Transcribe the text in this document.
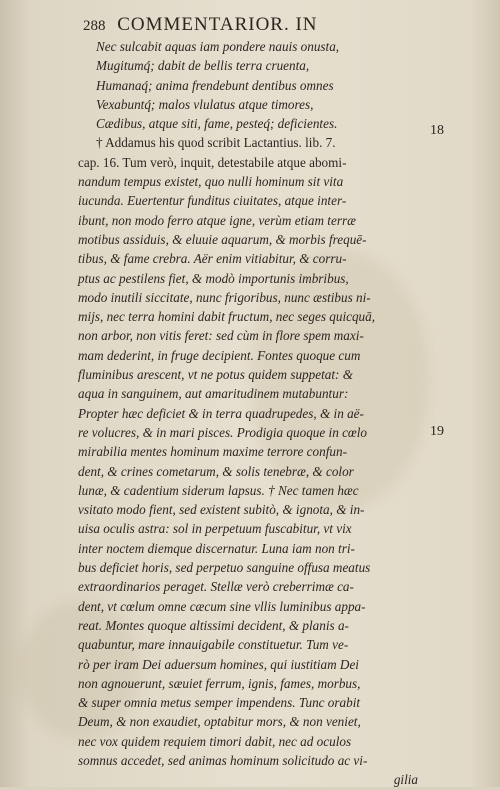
288 COMMENTARIOR. IN
18
19
Nec sulcabit aquas iam pondere nauis onusta,
Mugitumq́; dabit de bellis terra cruenta,
Humanaq́; anima frendebunt dentibus omnes
Vexabuntq́; malos vlulatus atque timores,
Cædibus, atque siti, fame, pesteq́; deficientes.
† Addamus his quod scribit Lactantius. lib. 7.
cap. 16. Tum verò, inquit, detestabile atque abomi-
nandum tempus existet, quo nulli hominum sit vita
iucunda. Euertentur funditus ciuitates, atque inter-
ibunt, non modo ferro atque igne, verùm etiam terræ
motibus assiduis, & eluuie aquarum, & morbis frequē-
tibus, & fame crebra. Aër enim vitiabitur, & corru-
ptus ac pestilens fiet, & modò importunis imbribus,
modo inutili siccitate, nunc frigoribus, nunc æstibus ni-
mijs, nec terra homini dabit fructum, nec seges quicquā,
non arbor, non vitis feret: sed cùm in flore spem maxi-
mam dederint, in fruge decipient. Fontes quoque cum
fluminibus arescent, vt ne potus quidem suppetat: &
aqua in sanguinem, aut amaritudinem mutabuntur:
Propter hæc deficiet & in terra quadrupedes, & in aë-
re volucres, & in mari pisces. Prodigia quoque in cœlo
mirabilia mentes hominum maxime terrore confun-
dent, & crines cometarum, & solis tenebræ, & color
lunæ, & cadentium siderum lapsus. † Nec tamen hæc
vsitato modo fient, sed existent subitò, & ignota, & in-
uisa oculis astra: sol in perpetuum fuscabitur, vt vix
inter noctem diemque discernatur. Luna iam non tri-
bus deficiet horis, sed perpetuo sanguine offusa meatus
extraordinarios peraget. Stellæ verò creberrimæ ca-
dent, vt cœlum omne cæcum sine vllis luminibus appa-
reat. Montes quoque altissimi decident, & planis a-
quabuntur, mare innauigabile constituetur. Tum ve-
rò per iram Dei aduersum homines, qui iustitiam Dei
non agnouerunt, sæuiet ferrum, ignis, fames, morbus,
& super omnia metus semper impendens. Tunc orabit
Deum, & non exaudiet, optabitur mors, & non veniet,
nec vox quidem requiem timori dabit, nec ad oculos
somnus accedet, sed animas hominum solicitudo ac vi-
gilia
